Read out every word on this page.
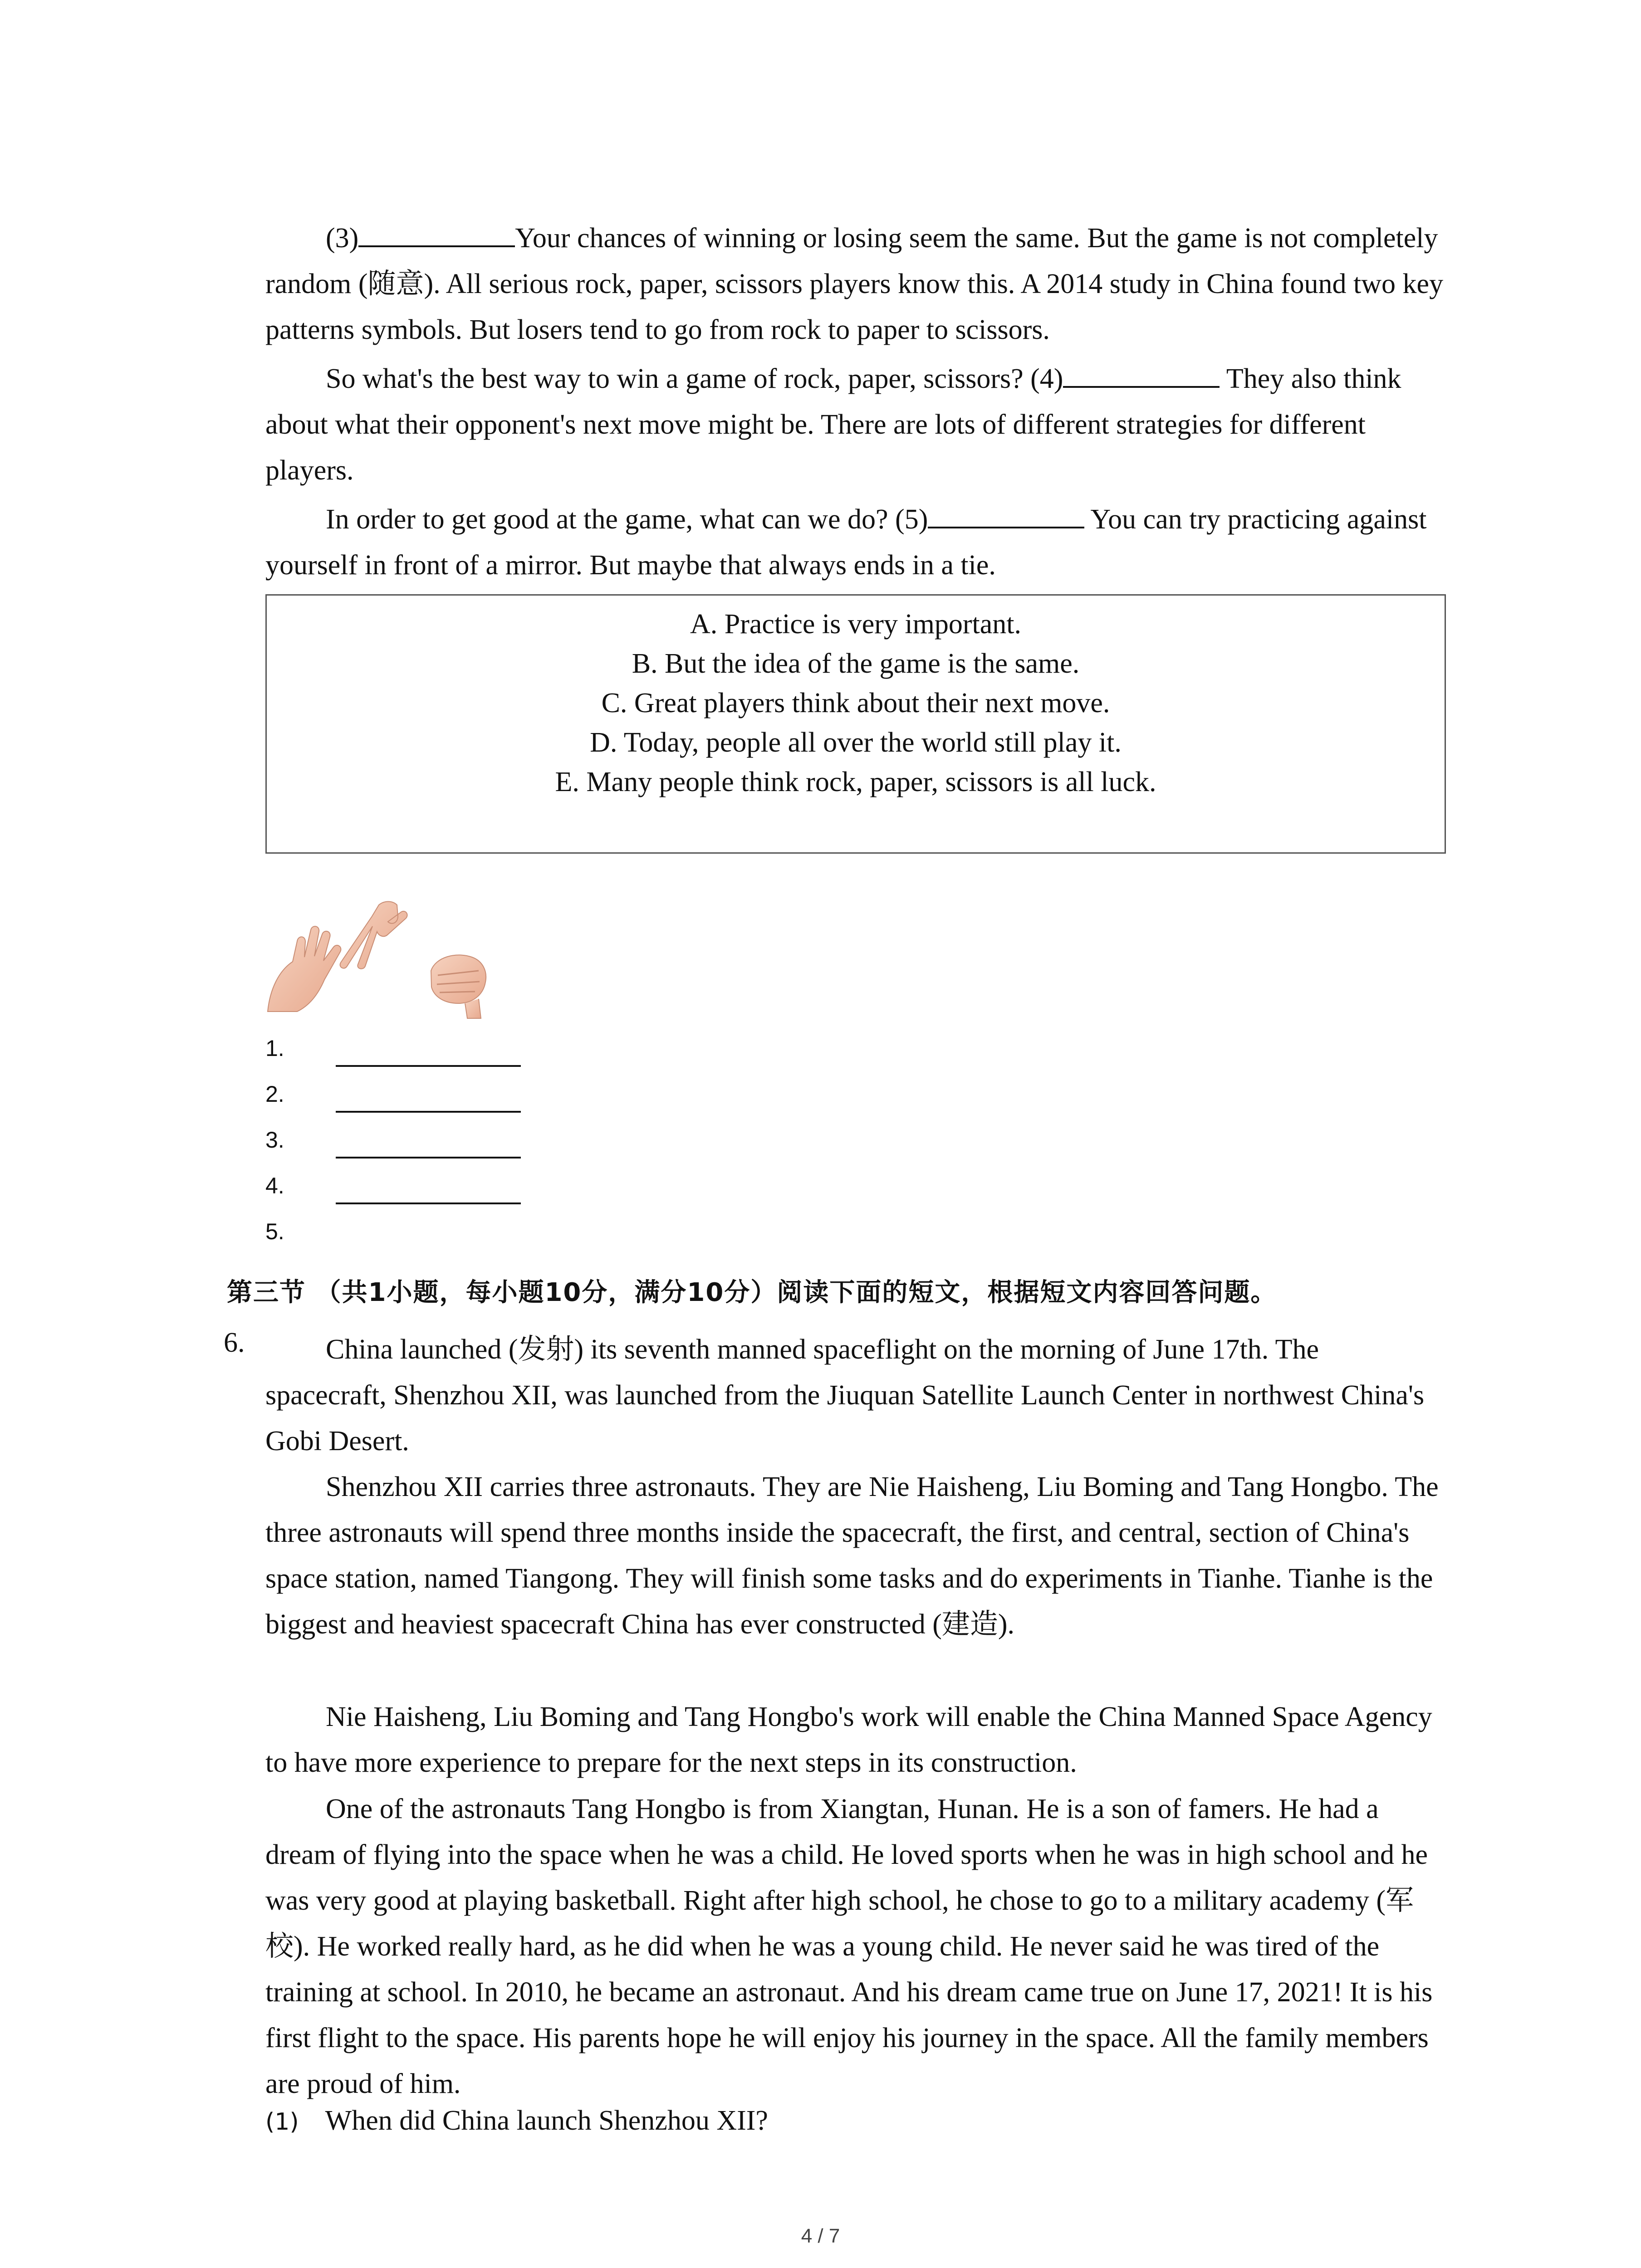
(3)	Your chances of winning or losing seem the same. But the game is not completely random (随意). All serious rock, paper, scissors players know this. A 2014 study in China found two key patterns symbols. But losers tend to go from rock to paper to scissors.

So what's the best way to win a game of rock, paper, scissors? (4)	They also think about what their opponent's next move might be. There are lots of different strategies for different players.

In order to get good at the game, what can we do? (5)	You can try practicing against yourself in front of a mirror. But maybe that always ends in a tie.

A. Practice is very important.
B. But the idea of the game is the same.
C. Great players think about their next move.
D. Today, people all over the world still play it.
E. Many people think rock, paper, scissors is all luck.
1.
2.
3.
4.
5.
第三节 （共1小题，每小题10分，满分10分）阅读下面的短文，根据短文内容回答问题。
6.	China launched (发射) its seventh manned spaceflight on the morning of June 17th. The spacecraft, Shenzhou XII, was launched from the Jiuquan Satellite Launch Center in northwest China's Gobi Desert.

Shenzhou XII carries three astronauts. They are Nie Haisheng, Liu Boming and Tang Hongbo. The three astronauts will spend three months inside the spacecraft, the first, and central, section of China's space station, named Tiangong. They will finish some tasks and do experiments in Tianhe. Tianhe is the biggest and heaviest spacecraft China has ever constructed (建造).

Nie Haisheng, Liu Boming and Tang Hongbo's work will enable the China Manned Space Agency to have more experience to prepare for the next steps in its construction.

One of the astronauts Tang Hongbo is from Xiangtan, Hunan. He is a son of famers. He had a dream of flying into the space when he was a child. He loved sports when he was in high school and he was very good at playing basketball. Right after high school, he chose to go to a military academy (军校). He worked really hard, as he did when he was a young child. He never said he was tired of the training at school. In 2010, he became an astronaut. And his dream came true on June 17, 2021! It is his first flight to the space. His parents hope he will enjoy his journey in the space. All the family members are proud of him.

(1) When did China launch Shenzhou XII?
4 / 7
